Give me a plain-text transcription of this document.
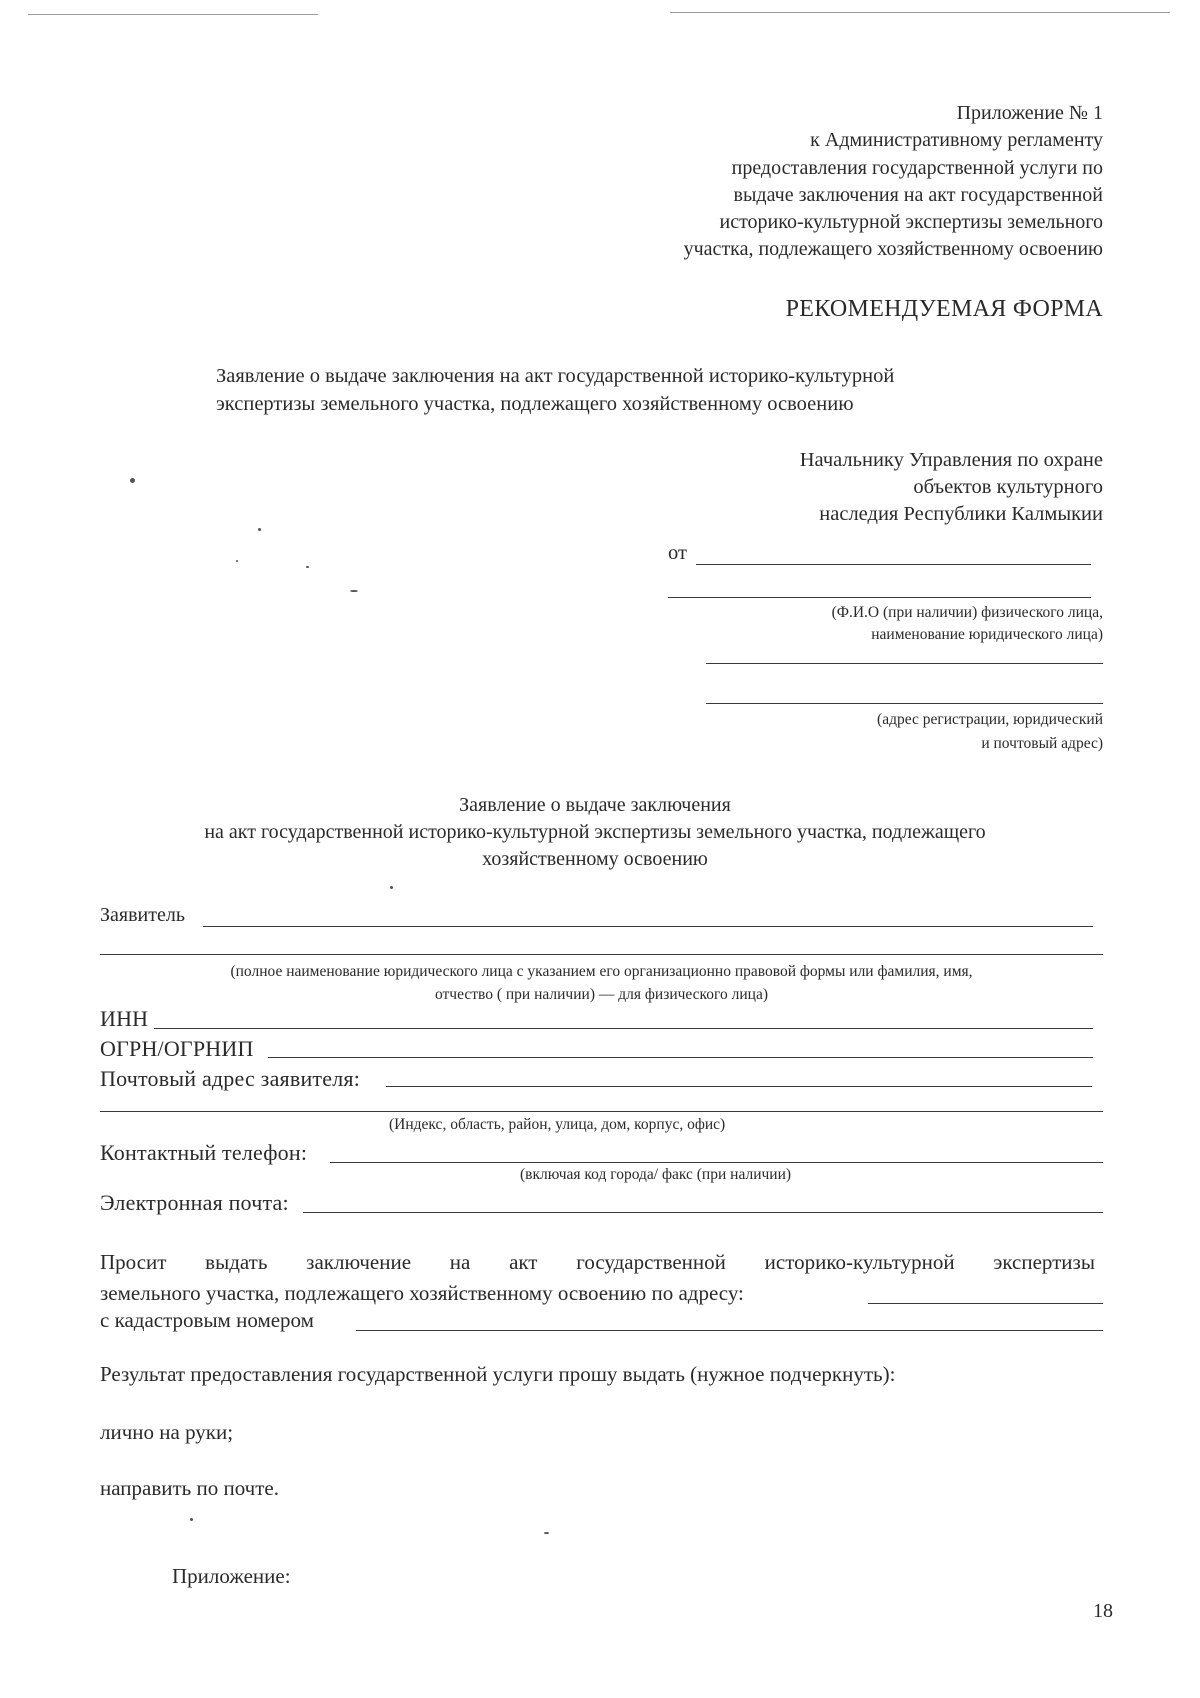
Приложение № 1
к Административному регламенту
предоставления государственной услуги по
выдаче заключения на акт государственной
историко-культурной экспертизы земельного
участка, подлежащего хозяйственному освоению
РЕКОМЕНДУЕМАЯ ФОРМА
Заявление о выдаче заключения на акт государственной историко-культурной
экспертизы земельного участка, подлежащего хозяйственному освоению
Начальнику Управления по охране
объектов культурного
наследия Республики Калмыкии
от
(Ф.И.О (при наличии) физического лица,
наименование юридического лица)
(адрес регистрации, юридический
и почтовый адрес)
Заявление о выдаче заключения
на акт государственной историко-культурной экспертизы земельного участка, подлежащего
хозяйственному освоению
Заявитель
(полное наименование юридического лица с указанием его организационно правовой формы или фамилия, имя,
отчество ( при наличии) — для физического лица)
ИНН
ОГРН/ОГРНИП
Почтовый адрес заявителя:
(Индекс, область, район, улица, дом, корпус, офис)
Контактный телефон:
(включая код города/ факс (при наличии)
Электронная почта:
Просит выдать заключение на акт государственной историко-культурной экспертизы
земельного участка, подлежащего хозяйственному освоению по адресу:
с кадастровым номером
Результат предоставления государственной услуги прошу выдать (нужное подчеркнуть):
лично на руки;
направить по почте.
Приложение:
18
